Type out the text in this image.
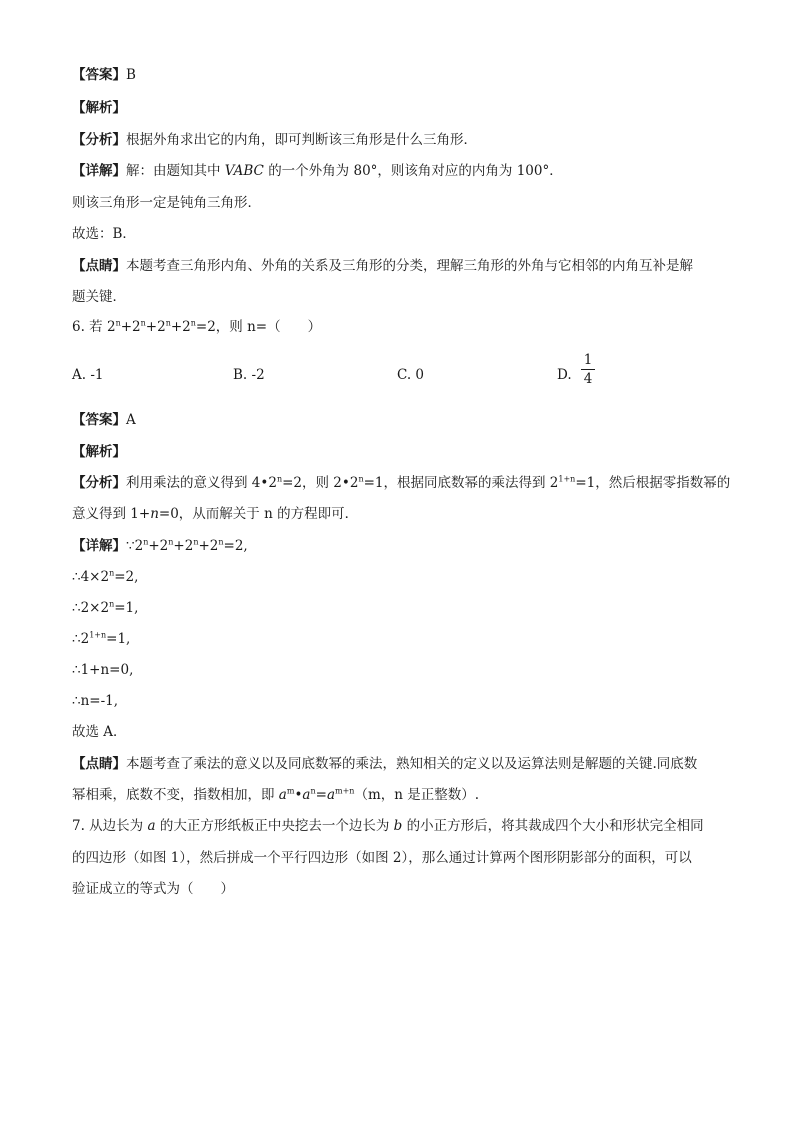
【答案】B
【解析】
【分析】根据外角求出它的内角，即可判断该三角形是什么三角形．
【详解】解：由题知其中 VABC 的一个外角为 80°，则该角对应的内角为 100°．
则该三角形一定是钝角三角形．
故选：B．
【点睛】本题考查三角形内角、外角的关系及三角形的分类，理解三角形的外角与它相邻的内角互补是解
题关键．
6. 若 $2^n+2^n+2^n+2^n=2$，则 n=（　　）
A. -1	B. -2	C. 0	D.
1
4
【答案】A
【解析】
【分析】利用乘法的意义得到 $4•2^n=2$，则 $2•2^n=1$，根据同底数幂的乘法得到 $2^{1+n}=1$，然后根据零指数幂的
意义得到 1+n=0，从而解关于 n 的方程即可．
【详解】$\because 2^n+2^n+2^n+2^n=2$,
$\therefore 4\times 2^n=2$,
$\therefore 2\times 2^n=1$,
$\therefore 2^{1+n}=1$,
∴1+n=0,
∴n=-1,
故选 A．
【点睛】本题考查了乘法的意义以及同底数幂的乘法，熟知相关的定义以及运算法则是解题的关键.同底数
幂相乘，底数不变，指数相加，即 $a^m•a^n=a^{m+n}(m$，n 是正整数）.
7. 从边长为 a 的大正方形纸板正中央挖去一个边长为 b 的小正方形后，将其裁成四个大小和形状完全相同
的四边形（如图 1），然后拼成一个平行四边形（如图 2），那么通过计算两个图形阴影部分的面积，可以
验证成立的等式为（　　）
